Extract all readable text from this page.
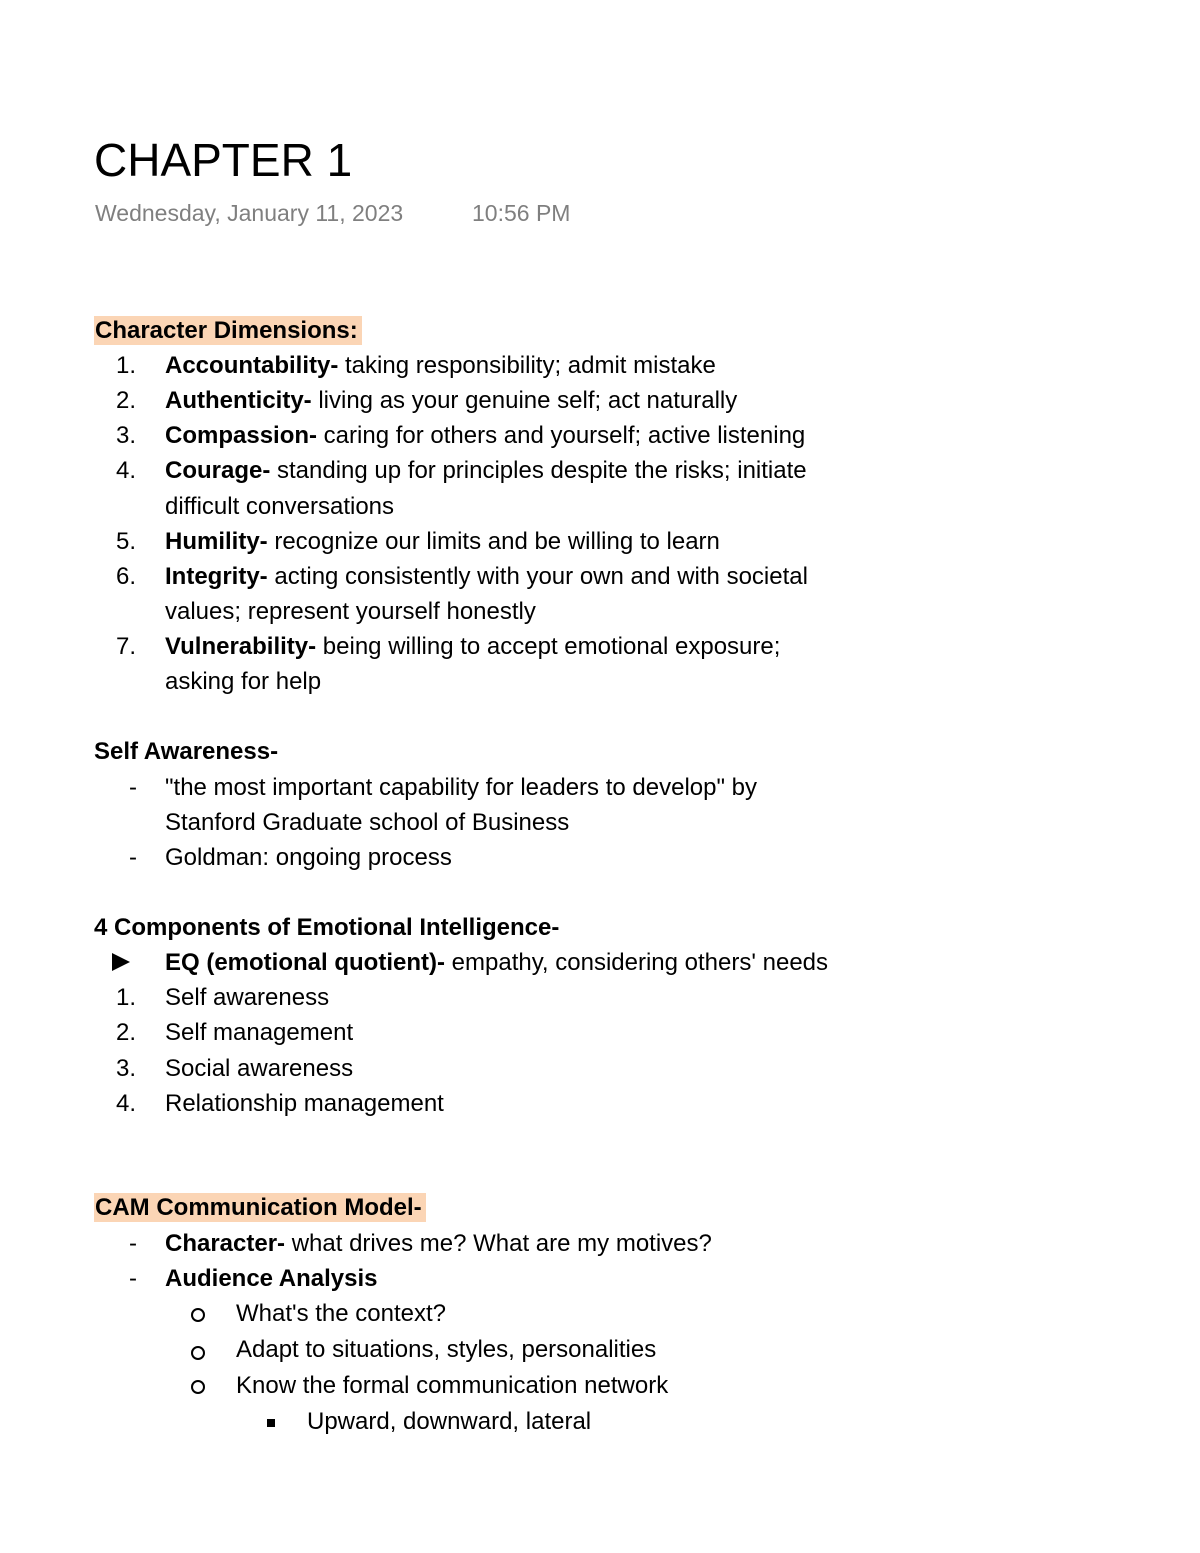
CHAPTER 1
Wednesday, January 11, 2023	10:56 PM
Character Dimensions:
1. Accountability- taking responsibility; admit mistake
2. Authenticity- living as your genuine self; act naturally
3. Compassion- caring for others and yourself; active listening
4. Courage- standing up for principles despite the risks; initiate
difficult conversations
5. Humility- recognize our limits and be willing to learn
6. Integrity- acting consistently with your own and with societal
values; represent yourself honestly
7. Vulnerability- being willing to accept emotional exposure;
asking for help
Self Awareness-
- "the most important capability for leaders to develop" by
Stanford Graduate school of Business
- Goldman: ongoing process
4 Components of Emotional Intelligence-
EQ (emotional quotient)- empathy, considering others' needs
1. Self awareness
2. Self management
3. Social awareness
4. Relationship management
CAM Communication Model-
- Character- what drives me? What are my motives?
- Audience Analysis
What's the context?
Adapt to situations, styles, personalities
Know the formal communication network
Upward, downward, lateral
